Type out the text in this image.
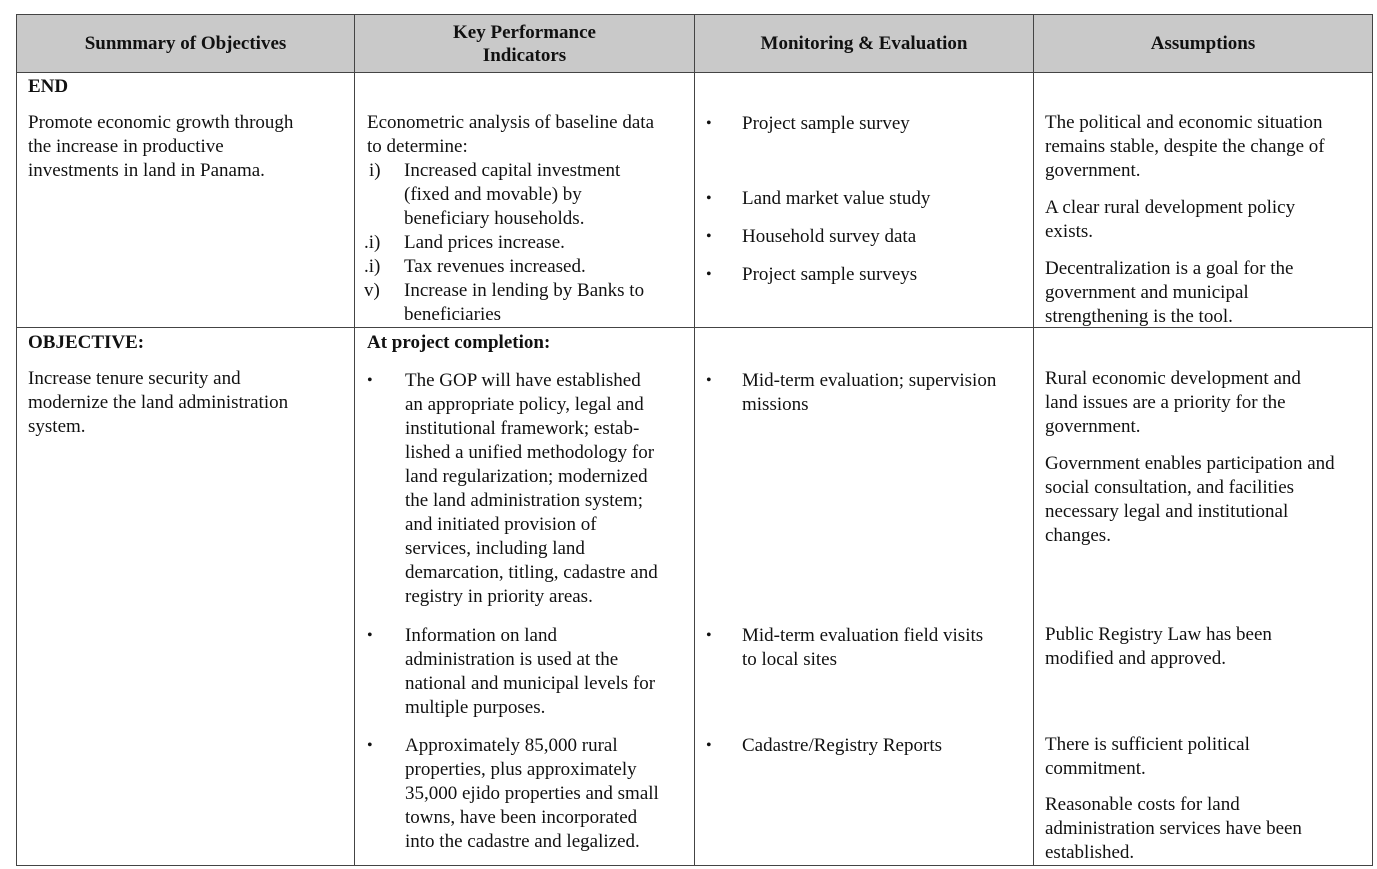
Sunmmary of Objectives
Key Performance
Indicators
Monitoring & Evaluation	Assumptions
END
Promote economic growth through
the increase in productive
investments in land in Panama.
Econometric analysis of baseline data
to determine:
i) Increased capital investment
(fixed and movable) by
beneficiary households.
.i) Land prices increase.
.i) Tax revenues increased.
v) Increase in lending by Banks to
beneficiaries
• Project sample survey
• Land market value study
• Household survey data
• Project sample surveys
The political and economic situation
remains stable, despite the change of
government.
A clear rural development policy
exists.
Decentralization is a goal for the
government and municipal
strengthening is the tool.
OBJECTIVE:
Increase tenure security and
modernize the land administration
system.
At project completion:
• The GOP will have established
an appropriate policy, legal and
institutional framework; estab-
lished a unified methodology for
land regularization; modernized
the land administration system;
and initiated provision of
services, including land
demarcation, titling, cadastre and
registry in priority areas.
• Information on land
administration is used at the
national and municipal levels for
multiple purposes.
• Approximately 85,000 rural
properties, plus approximately
35,000 ejido properties and small
towns, have been incorporated
into the cadastre and legalized.
• Mid-term evaluation; supervision
missions
• Mid-term evaluation field visits
to local sites
• Cadastre/Registry Reports
Rural economic development and
land issues are a priority for the
government.
Government enables participation and
social consultation, and facilities
necessary legal and institutional
changes.
Public Registry Law has been
modified and approved.
There is sufficient political
commitment.
Reasonable costs for land
administration services have been
established.
